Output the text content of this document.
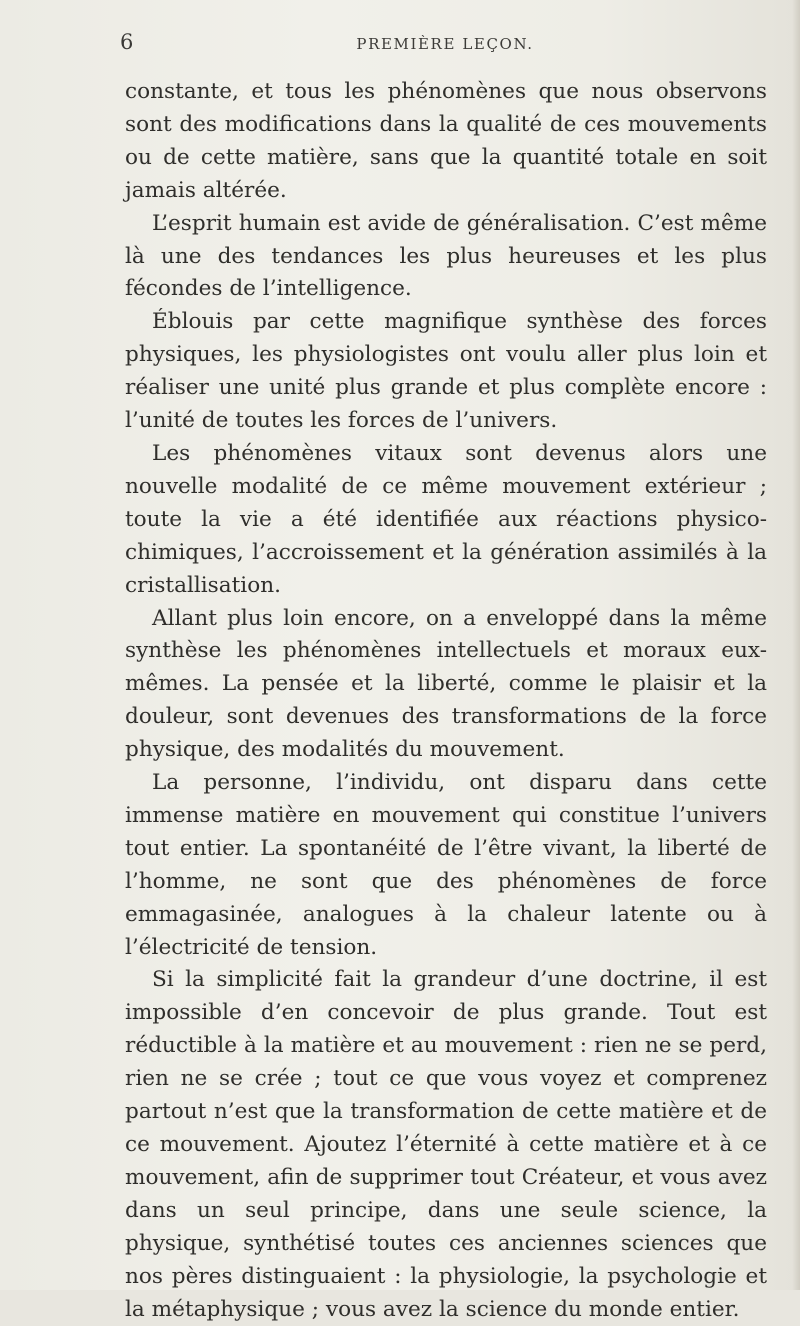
6	PREMIÈRE LEÇON.

constante, et tous les phénomènes que nous observons sont des modifications dans la qualité de ces mouvements ou de cette matière, sans que la quantité totale en soit jamais altérée.

L’esprit humain est avide de généralisation. C’est même là une des tendances les plus heureuses et les plus fécondes de l’intelligence.

Éblouis par cette magnifique synthèse des forces physiques, les physiologistes ont voulu aller plus loin et réaliser une unité plus grande et plus complète encore : l’unité de toutes les forces de l’univers.

Les phénomènes vitaux sont devenus alors une nouvelle modalité de ce même mouvement extérieur ; toute la vie a été identifiée aux réactions physico-chimiques, l’accroissement et la génération assimilés à la cristallisation.

Allant plus loin encore, on a enveloppé dans la même synthèse les phénomènes intellectuels et moraux eux-mêmes. La pensée et la liberté, comme le plaisir et la douleur, sont devenues des transformations de la force physique, des modalités du mouvement.

La personne, l’individu, ont disparu dans cette immense matière en mouvement qui constitue l’univers tout entier. La spontanéité de l’être vivant, la liberté de l’homme, ne sont que des phénomènes de force emmagasinée, analogues à la chaleur latente ou à l’électricité de tension.

Si la simplicité fait la grandeur d’une doctrine, il est impossible d’en concevoir de plus grande. Tout est réductible à la matière et au mouvement : rien ne se perd, rien ne se crée ; tout ce que vous voyez et comprenez partout n’est que la transformation de cette matière et de ce mouvement. Ajoutez l’éternité à cette matière et à ce mouvement, afin de supprimer tout Créateur, et vous avez dans un seul principe, dans une seule science, la physique, synthétisé toutes ces anciennes sciences que nos pères distinguaient : la physiologie, la psychologie et la métaphysique ; vous avez la science du monde entier.
